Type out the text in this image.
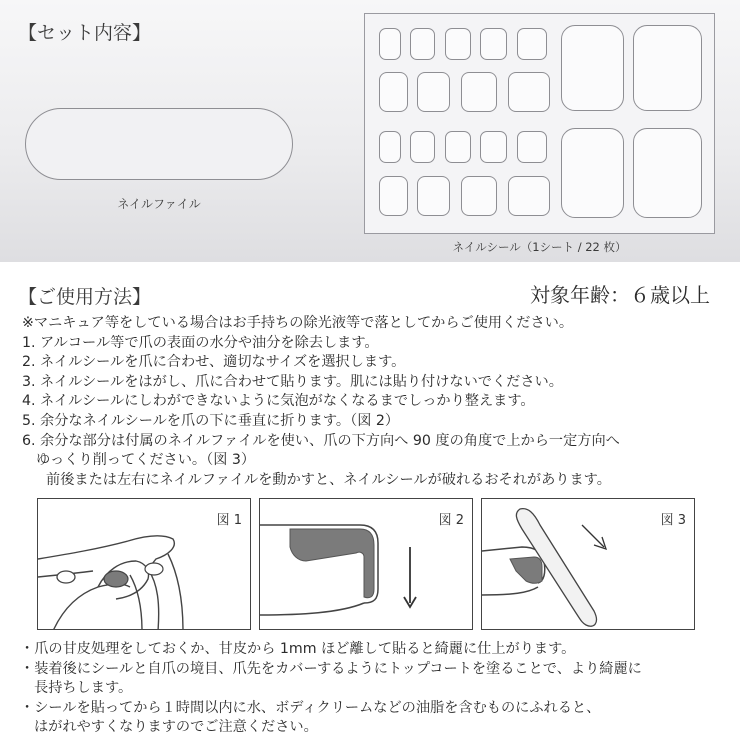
【セット内容】
ネイルファイル
ネイルシール（1シート / 22 枚）
【ご使用方法】	対象年齢：６歳以上
※マニキュア等をしている場合はお手持ちの除光液等で落としてからご使用ください。
1. アルコール等で爪の表面の水分や油分を除去します。
2. ネイルシールを爪に合わせ、適切なサイズを選択します。
3. ネイルシールをはがし、爪に合わせて貼ります。肌には貼り付けないでください。
4. ネイルシールにしわができないように気泡がなくなるまでしっかり整えます。
5. 余分なネイルシールを爪の下に垂直に折ります。（図 2）
6. 余分な部分は付属のネイルファイルを使い、爪の下方向へ 90 度の角度で上から一定方向へ
ゆっくり削ってください。（図 3）
前後または左右にネイルファイルを動かすと、ネイルシールが破れるおそれがあります。
図 1	図 2	図 3
・爪の甘皮処理をしておくか、甘皮から 1mm ほど離して貼ると綺麗に仕上がります。
・装着後にシールと自爪の境目、爪先をカバーするようにトップコートを塗ることで、より綺麗に
長持ちします。
・シールを貼ってから１時間以内に水、ボディクリームなどの油脂を含むものにふれると、
はがれやすくなりますのでご注意ください。
